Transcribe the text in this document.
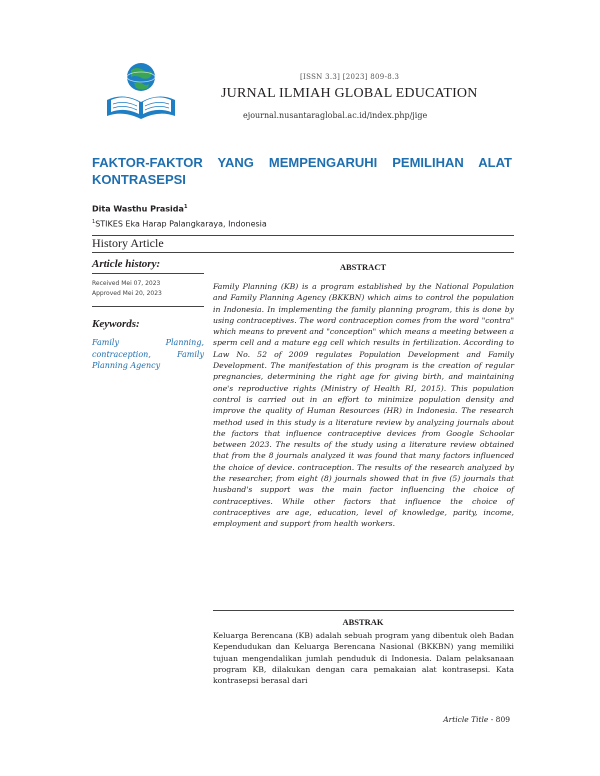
[ISSN 3.3] [2023] 809-8.3
JURNAL ILMIAH GLOBAL EDUCATION
ejournal.nusantaraglobal.ac.id/index.php/jige
FAKTOR-FAKTOR YANG MEMPENGARUHI PEMILIHAN ALAT KONTRASEPSI
Dita Wasthu Prasida$^1$
$^1$STIKES Eka Harap Palangkaraya, Indonesia
History Article
Article history:
Received Mei 07, 2023
Approved Mei 20, 2023
Keywords:
Family Planning, contraception, Family Planning Agency
ABSTRACT
Family Planning (KB) is a program established by the National Population and Family Planning Agency (BKKBN) which aims to control the population in Indonesia. In implementing the family planning program, this is done by using contraceptives. The word contraception comes from the word "contra" which means to prevent and "conception" which means a meeting between a sperm cell and a mature egg cell which results in fertilization. According to Law No. 52 of 2009 regulates Population Development and Family Development. The manifestation of this program is the creation of regular pregnancies, determining the right age for giving birth, and maintaining one's reproductive rights (Ministry of Health RI, 2015). This population control is carried out in an effort to minimize population density and improve the quality of Human Resources (HR) in Indonesia. The research method used in this study is a literature review by analyzing journals about the factors that influence contraceptive devices from Google Schoolar between 2023. The results of the study using a literature review obtained that from the 8 journals analyzed it was found that many factors influenced the choice of device. contraception. The results of the research analyzed by the researcher, from eight (8) journals showed that in five (5) journals that husband's support was the main factor influencing the choice of contraceptives. While other factors that influence the choice of contraceptives are age, education, level of knowledge, parity, income, employment and support from health workers.
ABSTRAK
Keluarga Berencana (KB) adalah sebuah program yang dibentuk oleh Badan Kependudukan dan Keluarga Berencana Nasional (BKKBN) yang memiliki tujuan mengendalikan jumlah penduduk di Indonesia. Dalam pelaksanaan program KB, dilakukan dengan cara pemakaian alat kontrasepsi. Kata kontrasepsi berasal dari
Article Title - 809
